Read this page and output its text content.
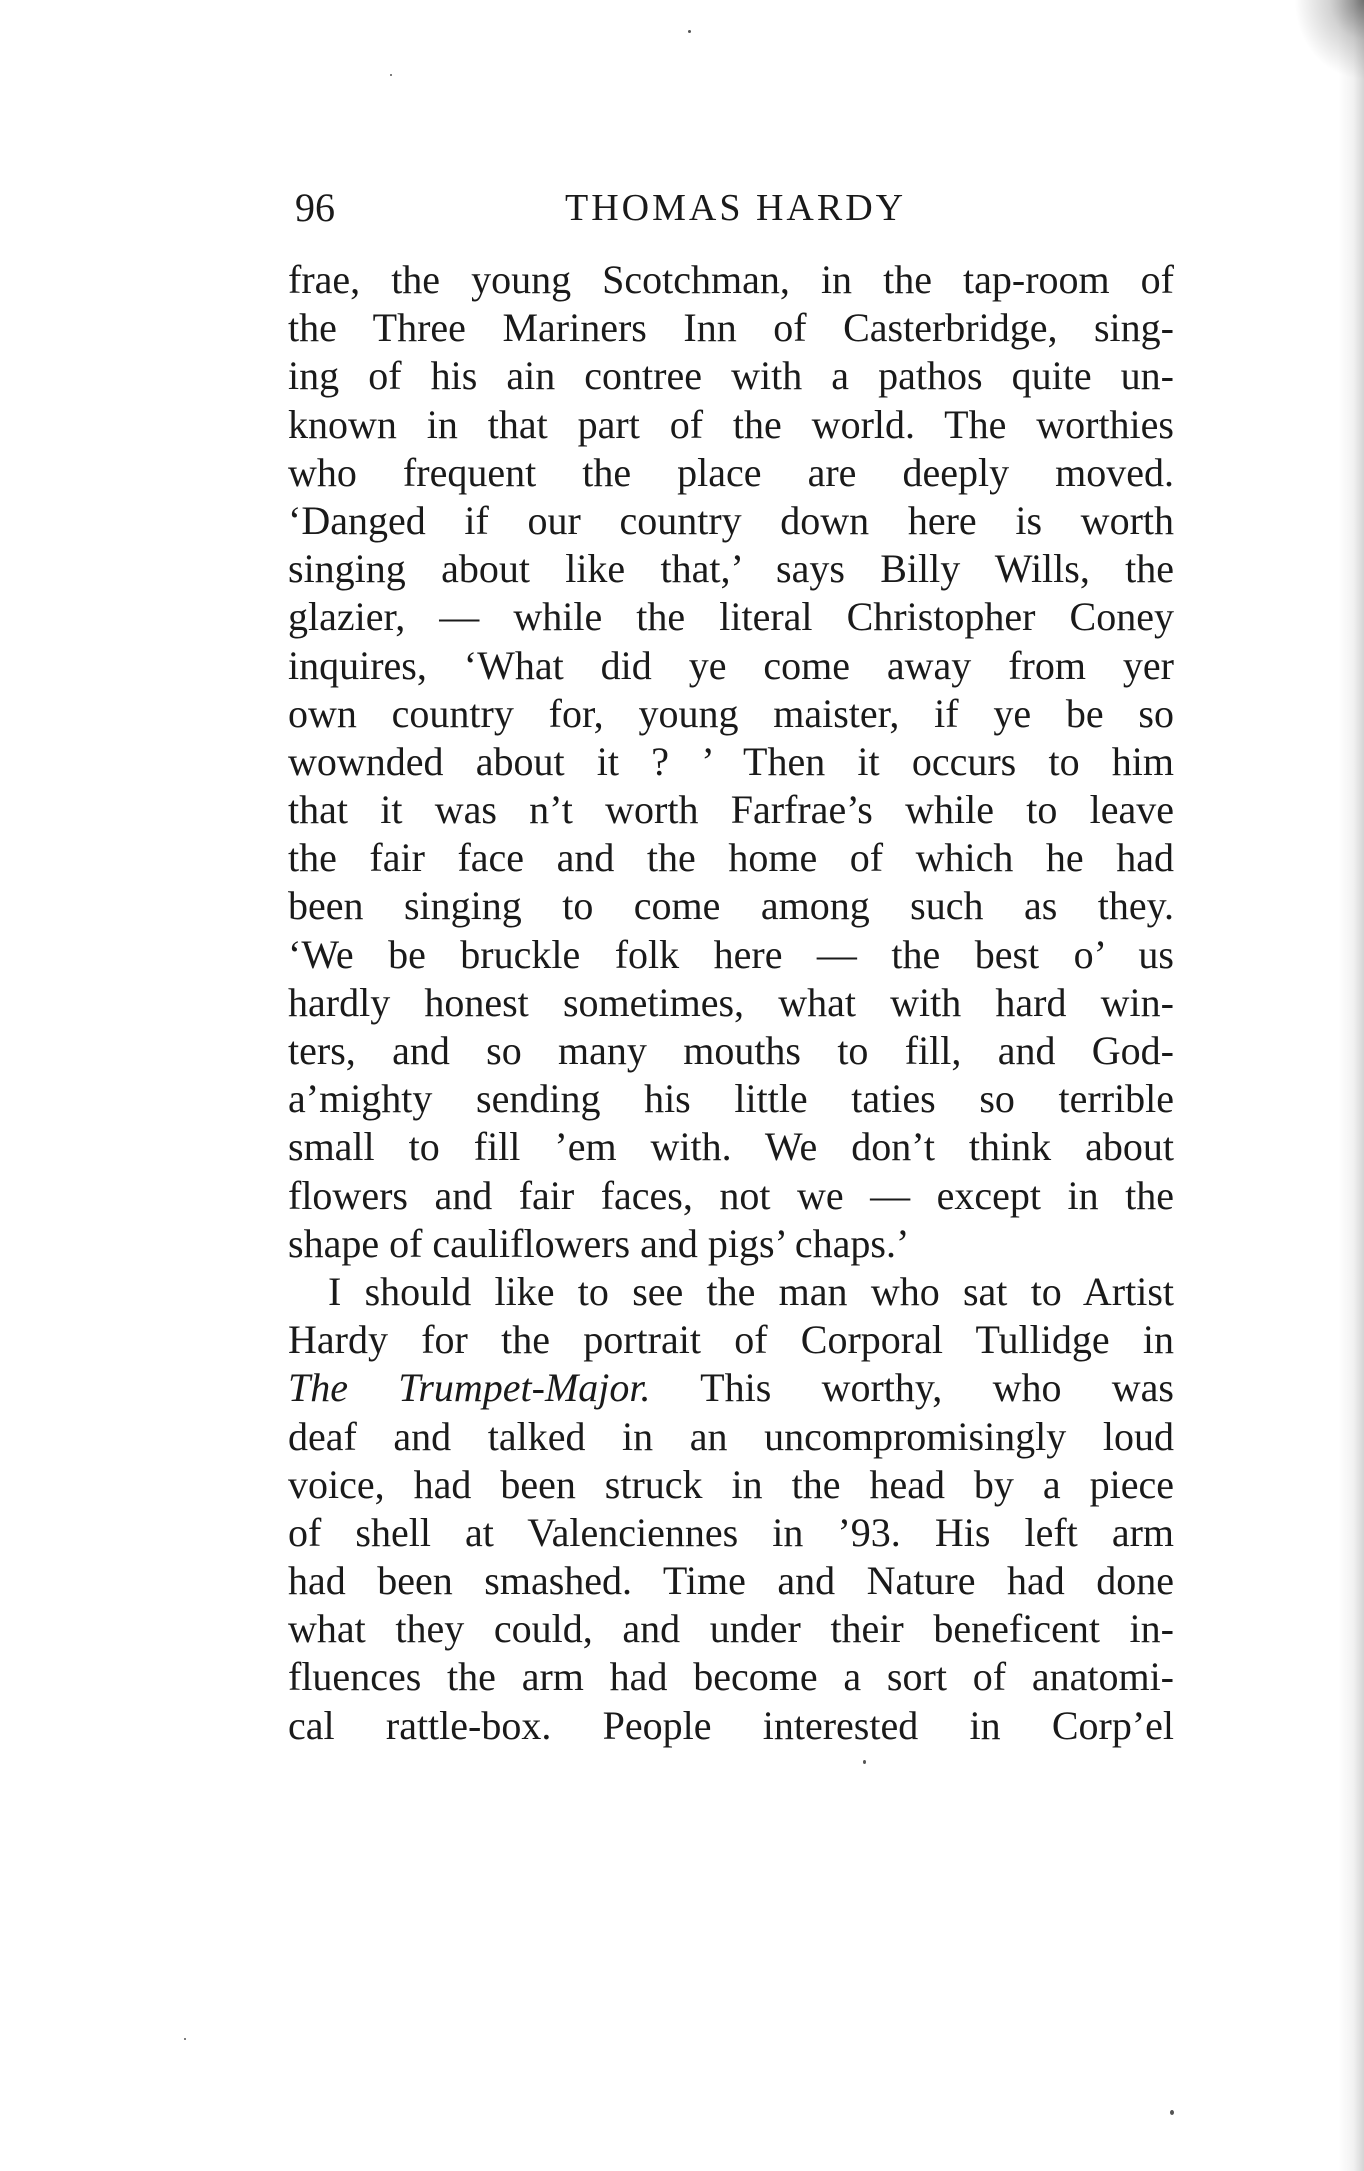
96	THOMAS HARDY
frae, the young Scotchman, in the tap-room of
the Three Mariners Inn of Casterbridge, sing-
ing of his ain contree with a pathos quite un-
known in that part of the world. The worthies
who frequent the place are deeply moved.
‘Danged if our country down here is worth
singing about like that,’ says Billy Wills, the
glazier, — while the literal Christopher Coney
inquires, ‘What did ye come away from yer
own country for, young maister, if ye be so
wownded about it ? ’ Then it occurs to him
that it was n’t worth Farfrae’s while to leave
the fair face and the home of which he had
been singing to come among such as they.
‘We be bruckle folk here — the best o’ us
hardly honest sometimes, what with hard win-
ters, and so many mouths to fill, and God-
a’mighty sending his little taties so terrible
small to fill ’em with. We don’t think about
flowers and fair faces, not we — except in the
shape of cauliflowers and pigs’ chaps.’
I should like to see the man who sat to Artist
Hardy for the portrait of Corporal Tullidge in
The Trumpet-Major. This worthy, who was
deaf and talked in an uncompromisingly loud
voice, had been struck in the head by a piece
of shell at Valenciennes in ’93. His left arm
had been smashed. Time and Nature had done
what they could, and under their beneficent in-
fluences the arm had become a sort of anatomi-
cal rattle-box. People interested in Corp’el
